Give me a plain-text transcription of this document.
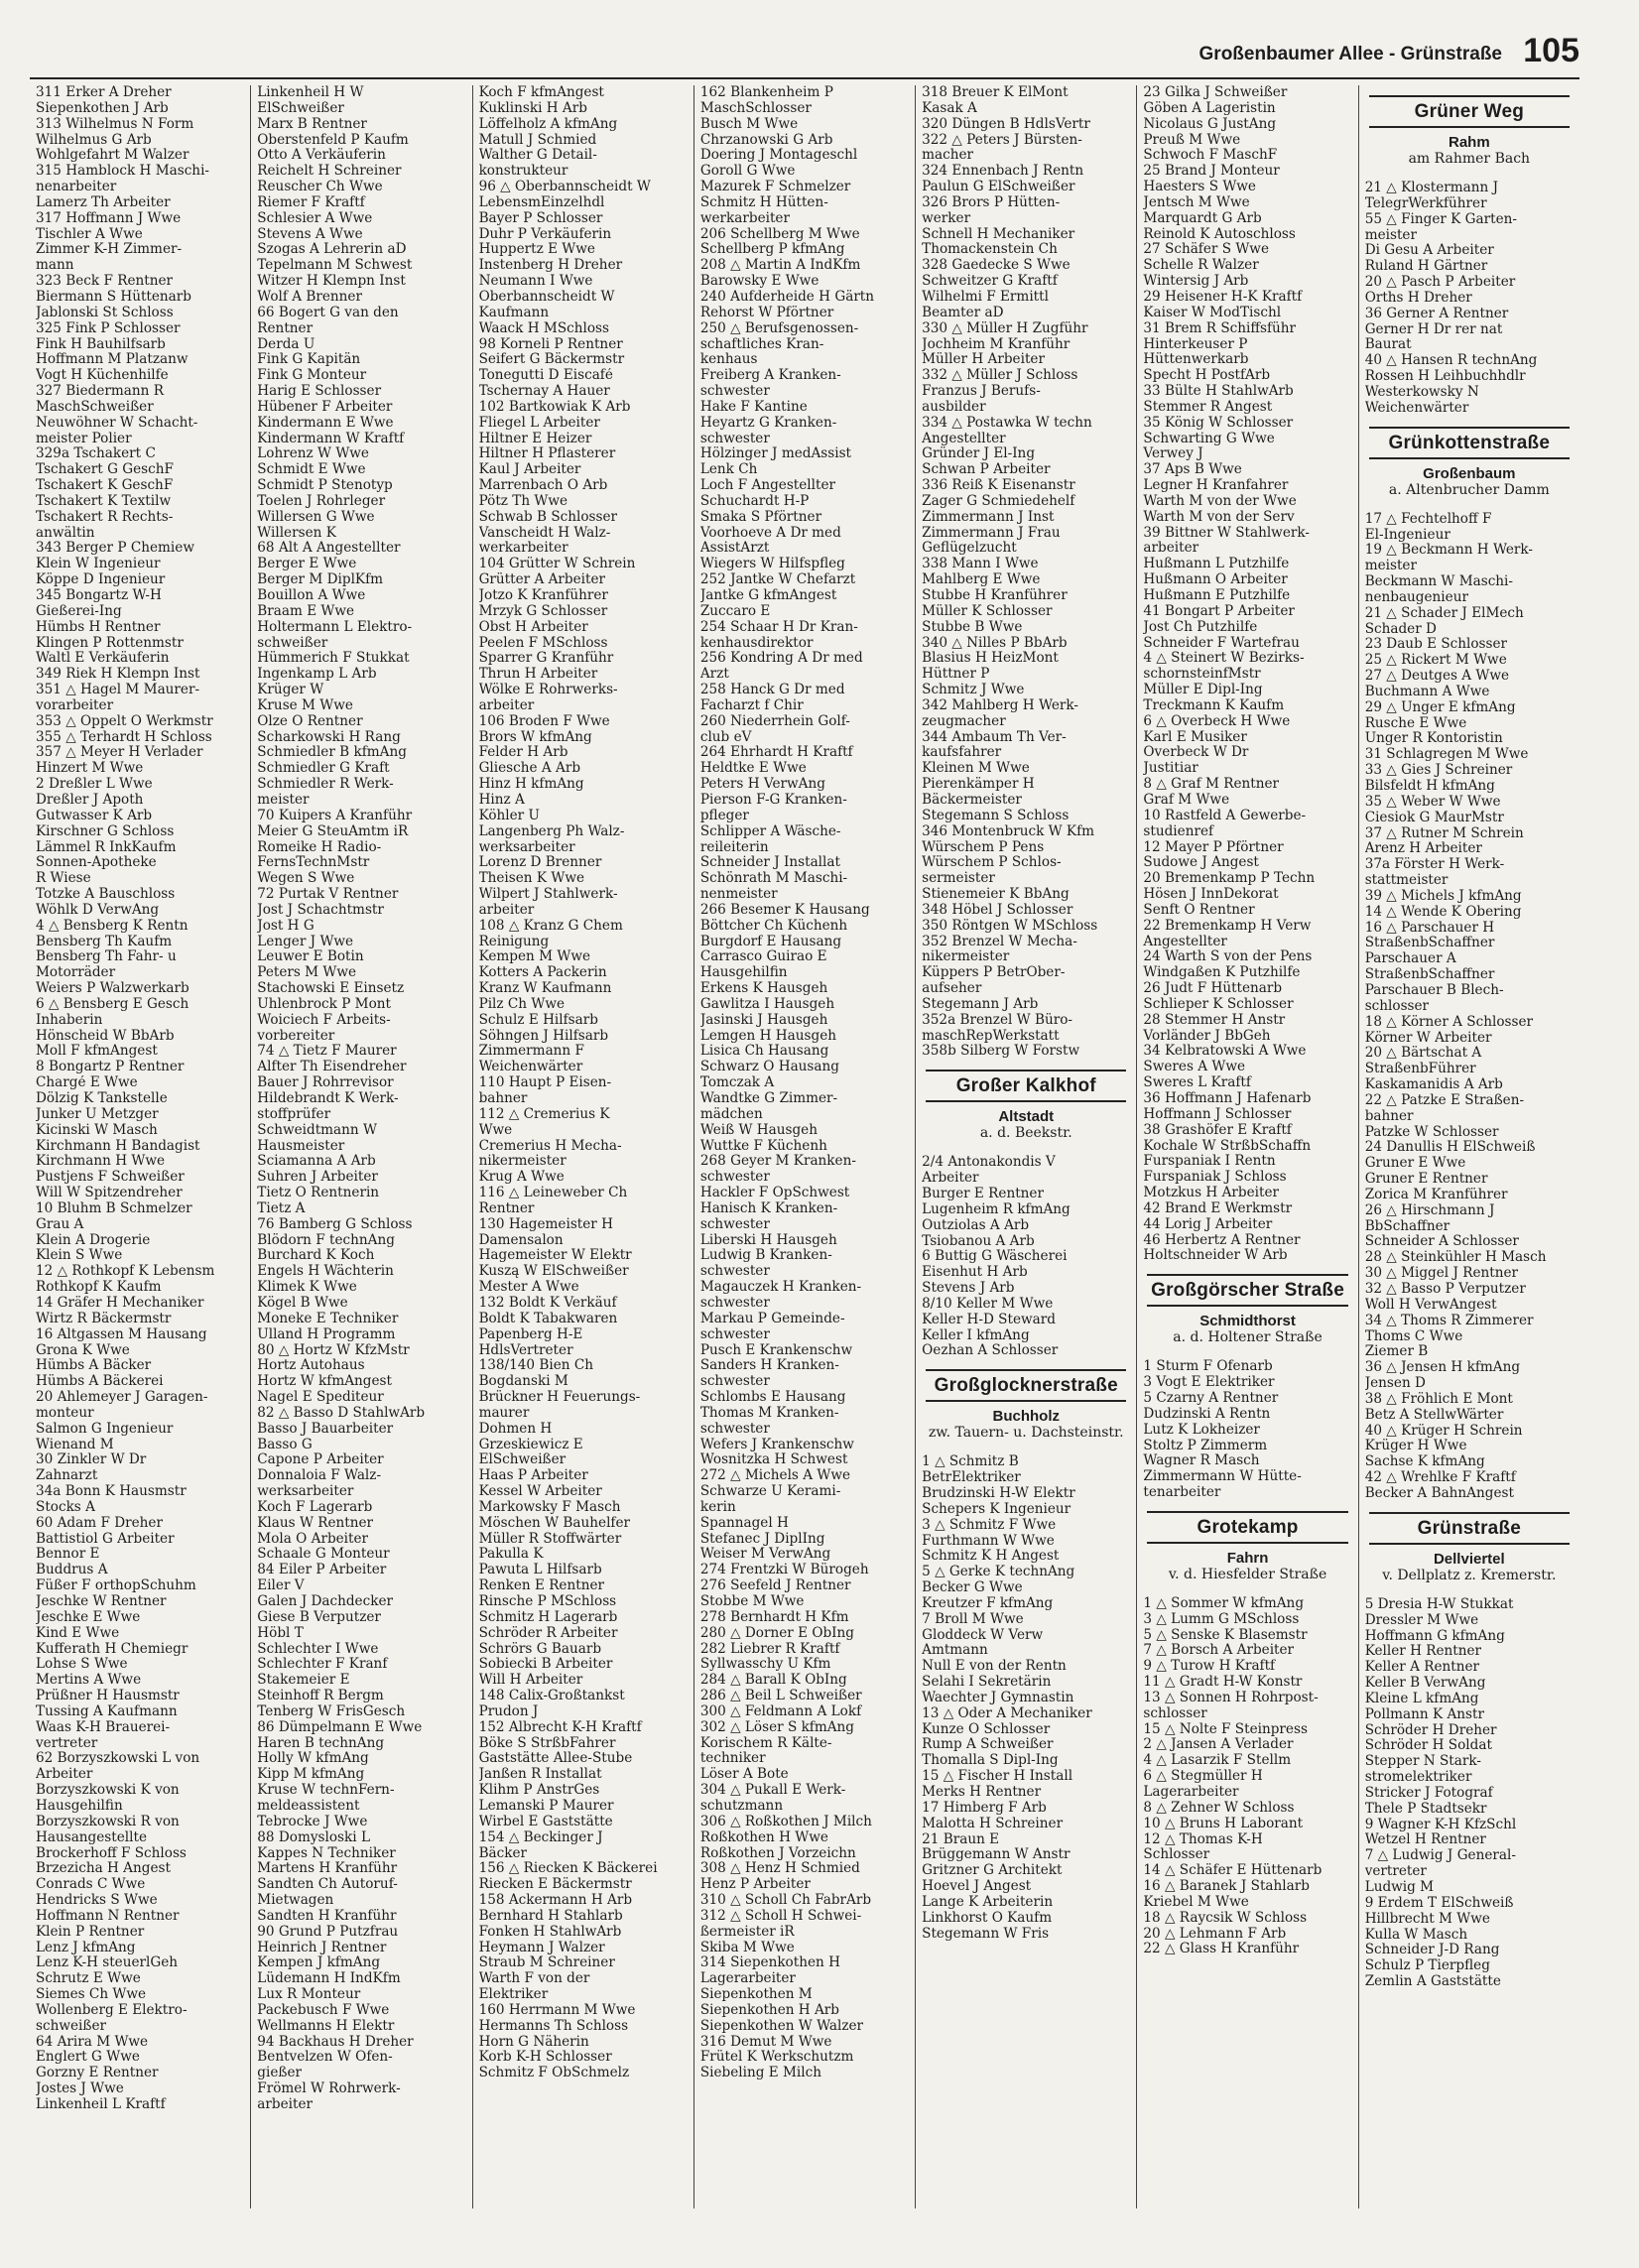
Großenbaumer Allee - Grünstraße 105
311 Erker A Dreher
Siepenkothen J Arb
313 Wilhelmus N Form
Wilhelmus G Arb
Wohlgefahrt M Walzer
315 Hamblock H Maschi-
nenarbeiter
Lamerz Th Arbeiter
317 Hoffmann J Wwe
Tischler A Wwe
Zimmer K-H Zimmer-
mann
323 Beck F Rentner
Biermann S Hüttenarb
Jablonski St Schloss
325 Fink P Schlosser
Fink H Bauhilfsarb
Hoffmann M Platzanw
Vogt H Küchenhilfe
327 Biedermann R
MaschSchweißer
Neuwöhner W Schacht-
meister Polier
329a Tschakert C
Tschakert G GeschF
Tschakert K GeschF
Tschakert K Textilw
Tschakert R Rechts-
anwältin
343 Berger P Chemiew
Klein W Ingenieur
Köppe D Ingenieur
345 Bongartz W-H
Gießerei-Ing
Hümbs H Rentner
Klingen P Rottenmstr
Waltl E Verkäuferin
349 Riek H Klempn Inst
351 △ Hagel M Maurer-
vorarbeiter
353 △ Oppelt O Werkmstr
355 △ Terhardt H Schloss
357 △ Meyer H Verlader
Hinzert M Wwe
2 Dreßler L Wwe
Dreßler J Apoth
Gutwasser K Arb
Kirschner G Schloss
Lämmel R InkKaufm
Sonnen-Apotheke
R Wiese
Totzke A Bauschloss
Wöhlk D VerwAng
4 △ Bensberg K Rentn
Bensberg Th Kaufm
Bensberg Th Fahr- u
Motorräder
Weiers P Walzwerkarb
6 △ Bensberg E Gesch
Inhaberin
Hönscheid W BbArb
Moll F kfmAngest
8 Bongartz P Rentner
Chargé E Wwe
Dölzig K Tankstelle
Junker U Metzger
Kicinski W Masch
Kirchmann H Bandagist
Kirchmann H Wwe
Pustjens F Schweißer
Will W Spitzendreher
10 Bluhm B Schmelzer
Grau A
Klein A Drogerie
Klein S Wwe
12 △ Rothkopf K Lebensm
Rothkopf K Kaufm
14 Gräfer H Mechaniker
Wirtz R Bäckermstr
16 Altgassen M Hausang
Grona K Wwe
Hümbs A Bäcker
Hümbs A Bäckerei
20 Ahlemeyer J Garagen-
monteur
Salmon G Ingenieur
Wienand M
30 Zinkler W Dr
Zahnarzt
34a Bonn K Hausmstr
Stocks A
60 Adam F Dreher
Battistiol G Arbeiter
Bennor E
Buddrus A
Füßer F orthopSchuhm
Jeschke W Rentner
Jeschke E Wwe
Kind E Wwe
Kufferath H Chemiegr
Lohse S Wwe
Mertins A Wwe
Prüßner H Hausmstr
Tussing A Kaufmann
Waas K-H Brauerei-
vertreter
62 Borzyszkowski L von
Arbeiter
Borzyszkowski K von
Hausgehilfin
Borzyszkowski R von
Hausangestellte
Brockerhoff F Schloss
Brzezicha H Angest
Conrads C Wwe
Hendricks S Wwe
Hoffmann N Rentner
Klein P Rentner
Lenz J kfmAng
Lenz K-H steuerlGeh
Schrutz E Wwe
Siemes Ch Wwe
Wollenberg E Elektro-
schweißer
64 Arira M Wwe
Englert G Wwe
Gorzny E Rentner
Jostes J Wwe
Linkenheil L Kraftf
Linkenheil H W
ElSchweißer
Marx B Rentner
Oberstenfeld P Kaufm
Otto A Verkäuferin
Reichelt H Schreiner
Reuscher Ch Wwe
Riemer F Kraftf
Schlesier A Wwe
Stevens A Wwe
Szogas A Lehrerin aD
Tepelmann M Schwest
Witzer H Klempn Inst
Wolf A Brenner
66 Bogert G van den
Rentner
Derda U
Fink G Kapitän
Fink G Monteur
Harig E Schlosser
Hübener F Arbeiter
Kindermann E Wwe
Kindermann W Kraftf
Lohrenz W Wwe
Schmidt E Wwe
Schmidt P Stenotyp
Toelen J Rohrleger
Willersen G Wwe
Willersen K
68 Alt A Angestellter
Berger E Wwe
Berger M DiplKfm
Bouillon A Wwe
Braam E Wwe
Holtermann L Elektro-
schweißer
Hümmerich F Stukkat
Ingenkamp L Arb
Krüger W
Kruse M Wwe
Olze O Rentner
Scharkowski H Rang
Schmiedler B kfmAng
Schmiedler G Kraft
Schmiedler R Werk-
meister
70 Kuipers A Kranführ
Meier G SteuAmtm iR
Romeike H Radio-
FernsTechnMstr
Wegen S Wwe
72 Purtak V Rentner
Jost J Schachtmstr
Jost H G
Lenger J Wwe
Leuwer E Botin
Peters M Wwe
Stachowski E Einsetz
Uhlenbrock P Mont
Woiciech F Arbeits-
vorbereiter
74 △ Tietz F Maurer
Alfter Th Eisendreher
Bauer J Rohrrevisor
Hildebrandt K Werk-
stoffprüfer
Schweidtmann W
Hausmeister
Sciamanna A Arb
Suhren J Arbeiter
Tietz O Rentnerin
Tietz A
76 Bamberg G Schloss
Blödorn F technAng
Burchard K Koch
Engels H Wächterin
Klimek K Wwe
Kögel B Wwe
Moneke E Techniker
Ulland H Programm
80 △ Hortz W KfzMstr
Hortz Autohaus
Hortz W kfmAngest
Nagel E Spediteur
82 △ Basso D StahlwArb
Basso J Bauarbeiter
Basso G
Capone P Arbeiter
Donnaloia F Walz-
werksarbeiter
Koch F Lagerarb
Klaus W Rentner
Mola O Arbeiter
Schaale G Monteur
84 Eiler P Arbeiter
Eiler V
Galen J Dachdecker
Giese B Verputzer
Höbl T
Schlechter I Wwe
Schlechter F Kranf
Stakemeier E
Steinhoff R Bergm
Tenberg W FrisGesch
86 Dümpelmann E Wwe
Haren B technAng
Holly W kfmAng
Kipp M kfmAng
Kruse W technFern-
meldeassistent
Tebrocke J Wwe
88 Domysloski L
Kappes N Techniker
Martens H Kranführ
Sandten Ch Autoruf-
Mietwagen
Sandten H Kranführ
90 Grund P Putzfrau
Heinrich J Rentner
Kempen J kfmAng
Lüdemann H IndKfm
Lux R Monteur
Packebusch F Wwe
Wellmanns H Elektr
94 Backhaus H Dreher
Bentvelzen W Ofen-
gießer
Frömel W Rohrwerk-
arbeiter
Koch F kfmAngest
Kuklinski H Arb
Löffelholz A kfmAng
Matull J Schmied
Walther G Detail-
konstrukteur
96 △ Oberbannscheidt W
LebensmEinzelhdl
Bayer P Schlosser
Duhr P Verkäuferin
Huppertz E Wwe
Instenberg H Dreher
Neumann I Wwe
Oberbannscheidt W
Kaufmann
Waack H MSchloss
98 Korneli P Rentner
Seifert G Bäckermstr
Tonegutti D Eiscafé
Tschernay A Hauer
102 Bartkowiak K Arb
Fliegel L Arbeiter
Hiltner E Heizer
Hiltner H Pflasterer
Kaul J Arbeiter
Marrenbach O Arb
Pötz Th Wwe
Schwab B Schlosser
Vanscheidt H Walz-
werkarbeiter
104 Grütter W Schrein
Grütter A Arbeiter
Jotzo K Kranführer
Mrzyk G Schlosser
Obst H Arbeiter
Peelen F MSchloss
Sparrer G Kranführ
Thrun H Arbeiter
Wölke E Rohrwerks-
arbeiter
106 Broden F Wwe
Brors W kfmAng
Felder H Arb
Gliesche A Arb
Hinz H kfmAng
Hinz A
Köhler U
Langenberg Ph Walz-
werksarbeiter
Lorenz D Brenner
Theisen K Wwe
Wilpert J Stahlwerk-
arbeiter
108 △ Kranz G Chem
Reinigung
Kempen M Wwe
Kotters A Packerin
Kranz W Kaufmann
Pilz Ch Wwe
Schulz E Hilfsarb
Söhngen J Hilfsarb
Zimmermann F
Weichenwärter
110 Haupt P Eisen-
bahner
112 △ Cremerius K
Wwe
Cremerius H Mecha-
nikermeister
Krug A Wwe
116 △ Leineweber Ch
Rentner
130 Hagemeister H
Damensalon
Hagemeister W Elektr
Kuszą W ElSchweißer
Mester A Wwe
132 Boldt K Verkäuf
Boldt K Tabakwaren
Papenberg H-E
HdlsVertreter
138/140 Bien Ch
Bogdanski M
Brückner H Feuerungs-
maurer
Dohmen H
Grzeskiewicz E
ElSchweißer
Haas P Arbeiter
Kessel W Arbeiter
Markowsky F Masch
Möschen W Bauhelfer
Müller R Stoffwärter
Pakulla K
Pawuta L Hilfsarb
Renken E Rentner
Rinsche P MSchloss
Schmitz H Lagerarb
Schröder R Arbeiter
Schrörs G Bauarb
Sobiecki B Arbeiter
Will H Arbeiter
148 Calix-Großtankst
Prudon J
152 Albrecht K-H Kraftf
Böke S StrßbFahrer
Gaststätte Allee-Stube
Janßen R Installat
Klihm P AnstrGes
Lemanski P Maurer
Wirbel E Gaststätte
154 △ Beckinger J
Bäcker
156 △ Riecken K Bäckerei
Riecken E Bäckermstr
158 Ackermann H Arb
Bernhard H Stahlarb
Fonken H StahlwArb
Heymann J Walzer
Straub M Schreiner
Warth F von der
Elektriker
160 Herrmann M Wwe
Hermanns Th Schloss
Horn G Näherin
Korb K-H Schlosser
Schmitz F ObSchmelz
162 Blankenheim P
MaschSchlosser
Busch M Wwe
Chrzanowski G Arb
Doering J Montageschl
Goroll G Wwe
Mazurek F Schmelzer
Schmitz H Hütten-
werkarbeiter
206 Schellberg M Wwe
Schellberg P kfmAng
208 △ Martin A IndKfm
Barowsky E Wwe
240 Aufderheide H Gärtn
Rehorst W Pförtner
250 △ Berufsgenossen-
schaftliches Kran-
kenhaus
Freiberg A Kranken-
schwester
Hake F Kantine
Heyartz G Kranken-
schwester
Hölzinger J medAssist
Lenk Ch
Loch F Angestellter
Schuchardt H-P
Smaka S Pförtner
Voorhoeve A Dr med
AssistArzt
Wiegers W Hilfspfleg
252 Jantke W Chefarzt
Jantke G kfmAngest
Zuccaro E
254 Schaar H Dr Kran-
kenhausdirektor
256 Kondring A Dr med
Arzt
258 Hanck G Dr med
Facharzt f Chir
260 Niederrhein Golf-
club eV
264 Ehrhardt H Kraftf
Heldtke E Wwe
Peters H VerwAng
Pierson F-G Kranken-
pfleger
Schlipper A Wäsche-
reileiterin
Schneider J Installat
Schönrath M Maschi-
nenmeister
266 Besemer K Hausang
Böttcher Ch Küchenh
Burgdorf E Hausang
Carrasco Guirao E
Hausgehilfin
Erkens K Hausgeh
Gawlitza I Hausgeh
Jasinski J Hausgeh
Lemgen H Hausgeh
Lisica Ch Hausang
Schwarz O Hausang
Tomczak A
Wandtke G Zimmer-
mädchen
Weiß W Hausgeh
Wuttke F Küchenh
268 Geyer M Kranken-
schwester
Hackler F OpSchwest
Hanisch K Kranken-
schwester
Liberski H Hausgeh
Ludwig B Kranken-
schwester
Magauczek H Kranken-
schwester
Markau P Gemeinde-
schwester
Pusch E Krankenschw
Sanders H Kranken-
schwester
Schlombs E Hausang
Thomas M Kranken-
schwester
Wefers J Krankenschw
Wosnitzka H Schwest
272 △ Michels A Wwe
Schwarze U Kerami-
kerin
Spannagel H
Stefanec J DiplIng
Weiser M VerwAng
274 Frentzki W Bürogeh
276 Seefeld J Rentner
Stobbe M Wwe
278 Bernhardt H Kfm
280 △ Dorner E ObIng
282 Liebrer R Kraftf
Syllwasschy U Kfm
284 △ Barall K ObIng
286 △ Beil L Schweißer
300 △ Feldmann A Lokf
302 △ Löser S kfmAng
Korischem R Kälte-
techniker
Löser A Bote
304 △ Pukall E Werk-
schutzmann
306 △ Roßkothen J Milch
Roßkothen H Wwe
Roßkothen J Vorzeichn
308 △ Henz H Schmied
Henz P Arbeiter
310 △ Scholl Ch FabrArb
312 △ Scholl H Schwei-
ßermeister iR
Skiba M Wwe
314 Siepenkothen H
Lagerarbeiter
Siepenkothen M
Siepenkothen H Arb
Siepenkothen W Walzer
316 Demut M Wwe
Frütel K Werkschutzm
Siebeling E Milch
318 Breuer K ElMont
Kasak A
320 Düngen B HdlsVertr
322 △ Peters J Bürsten-
macher
324 Ennenbach J Rentn
Paulun G ElSchweißer
326 Brors P Hütten-
werker
Schnell H Mechaniker
Thomackenstein Ch
328 Gaedecke S Wwe
Schweitzer G Kraftf
Wilhelmi F Ermittl
Beamter aD
330 △ Müller H Zugführ
Jochheim M Kranführ
Müller H Arbeiter
332 △ Müller J Schloss
Franzus J Berufs-
ausbilder
334 △ Postawka W techn
Angestellter
Gründer J El-Ing
Schwan P Arbeiter
336 Reiß K Eisenanstr
Zager G Schmiedehelf
Zimmermann J Inst
Zimmermann J Frau
Geflügelzucht
338 Mann I Wwe
Mahlberg E Wwe
Stubbe H Kranführer
Müller K Schlosser
Stubbe B Wwe
340 △ Nilles P BbArb
Blasius H HeizMont
Hüttner P
Schmitz J Wwe
342 Mahlberg H Werk-
zeugmacher
344 Ambaum Th Ver-
kaufsfahrer
Kleinen M Wwe
Pierenkämper H
Bäckermeister
Stegemann S Schloss
346 Montenbruck W Kfm
Würschem P Pens
Würschem P Schlos-
sermeister
Stienemeier K BbAng
348 Höbel J Schlosser
350 Röntgen W MSchloss
352 Brenzel W Mecha-
nikermeister
Küppers P BetrOber-
aufseher
Stegemann J Arb
352a Brenzel W Büro-
maschRepWerkstatt
358b Silberg W Forstw
Großer Kalkhof
Altstadt
a. d. Beekstr.
2/4 Antonakondis V
Arbeiter
Burger E Rentner
Lugenheim R kfmAng
Outziolas A Arb
Tsiobanou A Arb
6 Buttig G Wäscherei
Eisenhut H Arb
Stevens J Arb
8/10 Keller M Wwe
Keller H-D Steward
Keller I kfmAng
Oezhan A Schlosser
Großglocknerstraße
Buchholz
zw. Tauern- u. Dachsteinstr.
1 △ Schmitz B
BetrElektriker
Brudzinski H-W Elektr
Schepers K Ingenieur
3 △ Schmitz F Wwe
Furthmann W Wwe
Schmitz K H Angest
5 △ Gerke K technAng
Becker G Wwe
Kreutzer F kfmAng
7 Broll M Wwe
Gloddeck W Verw
Amtmann
Null E von der Rentn
Selahi I Sekretärin
Waechter J Gymnastin
13 △ Oder A Mechaniker
Kunze O Schlosser
Rump A Schweißer
Thomalla S Dipl-Ing
15 △ Fischer H Install
Merks H Rentner
17 Himberg F Arb
Malotta H Schreiner
21 Braun E
Brüggemann W Anstr
Gritzner G Architekt
Hoevel J Angest
Lange K Arbeiterin
Linkhorst O Kaufm
Stegemann W Fris
23 Gilka J Schweißer
Göben A Lageristin
Nicolaus G JustAng
Preuß M Wwe
Schwoch F MaschF
25 Brand J Monteur
Haesters S Wwe
Jentsch M Wwe
Marquardt G Arb
Reinold K Autoschloss
27 Schäfer S Wwe
Schelle R Walzer
Wintersig J Arb
29 Heisener H-K Kraftf
Kaiser W ModTischl
31 Brem R Schiffsführ
Hinterkeuser P
Hüttenwerkarb
Specht H PostfArb
33 Bülte H StahlwArb
Stemmer R Angest
35 König W Schlosser
Schwarting G Wwe
Verwey J
37 Aps B Wwe
Legner H Kranfahrer
Warth M von der Wwe
Warth M von der Serv
39 Bittner W Stahlwerk-
arbeiter
Hußmann L Putzhilfe
Hußmann O Arbeiter
Hußmann E Putzhilfe
41 Bongart P Arbeiter
Jost Ch Putzhilfe
Schneider F Wartefrau
4 △ Steinert W Bezirks-
schornsteinfMstr
Müller E Dipl-Ing
Treckmann K Kaufm
6 △ Overbeck H Wwe
Karl E Musiker
Overbeck W Dr
Justitiar
8 △ Graf M Rentner
Graf M Wwe
10 Rastfeld A Gewerbe-
studienref
12 Mayer P Pförtner
Sudowe J Angest
20 Bremenkamp P Techn
Hösen J InnDekorat
Senft O Rentner
22 Bremenkamp H Verw
Angestellter
24 Warth S von der Pens
Windgaßen K Putzhilfe
26 Judt F Hüttenarb
Schlieper K Schlosser
28 Stemmer H Anstr
Vorländer J BbGeh
34 Kelbratowski A Wwe
Sweres A Wwe
Sweres L Kraftf
36 Hoffmann J Hafenarb
Hoffmann J Schlosser
38 Grashöfer E Kraftf
Kochale W StrßbSchaffn
Furspaniak I Rentn
Furspaniak J Schloss
Motzkus H Arbeiter
42 Brand E Werkmstr
44 Lorig J Arbeiter
46 Herbertz A Rentner
Holtschneider W Arb
Großgörscher Straße
Schmidthorst
a. d. Holtener Straße
1 Sturm F Ofenarb
3 Vogt E Elektriker
5 Czarny A Rentner
Dudzinski A Rentn
Lutz K Lokheizer
Stoltz P Zimmerm
Wagner R Masch
Zimmermann W Hütte-
tenarbeiter
Grotekamp
Fahrn
v. d. Hiesfelder Straße
1 △ Sommer W kfmAng
3 △ Lumm G MSchloss
5 △ Senske K Blasemstr
7 △ Borsch A Arbeiter
9 △ Turow H Kraftf
11 △ Gradt H-W Konstr
13 △ Sonnen H Rohrpost-
schlosser
15 △ Nolte F Steinpress
2 △ Jansen A Verlader
4 △ Lasarzik F Stellm
6 △ Stegmüller H
Lagerarbeiter
8 △ Zehner W Schloss
10 △ Bruns H Laborant
12 △ Thomas K-H
Schlosser
14 △ Schäfer E Hüttenarb
16 △ Baranek J Stahlarb
Kriebel M Wwe
18 △ Raycsik W Schloss
20 △ Lehmann F Arb
22 △ Glass H Kranführ
Grüner Weg
Rahm
am Rahmer Bach
21 △ Klostermann J
TelegrWerkführer
55 △ Finger K Garten-
meister
Di Gesu A Arbeiter
Ruland H Gärtner
20 △ Pasch P Arbeiter
Orths H Dreher
36 Gerner A Rentner
Gerner H Dr rer nat
Baurat
40 △ Hansen R technAng
Rossen H Leihbuchhdlr
Westerkowsky N
Weichenwärter
Grünkottenstraße
Großenbaum
a. Altenbrucher Damm
17 △ Fechtelhoff F
El-Ingenieur
19 △ Beckmann H Werk-
meister
Beckmann W Maschi-
nenbaugenieur
21 △ Schader J ElMech
Schader D
23 Daub E Schlosser
25 △ Rickert M Wwe
27 △ Deutges A Wwe
Buchmann A Wwe
29 △ Unger E kfmAng
Rusche E Wwe
Unger R Kontoristin
31 Schlagregen M Wwe
33 △ Gies J Schreiner
Bilsfeldt H kfmAng
35 △ Weber W Wwe
Ciesiok G MaurMstr
37 △ Rutner M Schrein
Arenz H Arbeiter
37a Förster H Werk-
stattmeister
39 △ Michels J kfmAng
14 △ Wende K Obering
16 △ Parschauer H
StraßenbSchaffner
Parschauer A
StraßenbSchaffner
Parschauer B Blech-
schlosser
18 △ Körner A Schlosser
Körner W Arbeiter
20 △ Bärtschat A
StraßenbFührer
Kaskamanidis A Arb
22 △ Patzke E Straßen-
bahner
Patzke W Schlosser
24 Danullis H ElSchweiß
Gruner E Wwe
Gruner E Rentner
Zorica M Kranführer
26 △ Hirschmann J
BbSchaffner
Schneider A Schlosser
28 △ Steinkühler H Masch
30 △ Miggel J Rentner
32 △ Basso P Verputzer
Woll H VerwAngest
34 △ Thoms R Zimmerer
Thoms C Wwe
Ziemer B
36 △ Jensen H kfmAng
Jensen D
38 △ Fröhlich E Mont
Betz A StellwWärter
40 △ Krüger H Schrein
Krüger H Wwe
Sachse K kfmAng
42 △ Wrehlke F Kraftf
Becker A BahnAngest
Grünstraße
Dellviertel
v. Dellplatz z. Kremerstr.
5 Dresia H-W Stukkat
Dressler M Wwe
Hoffmann G kfmAng
Keller H Rentner
Keller A Rentner
Keller B VerwAng
Kleine L kfmAng
Pollmann K Anstr
Schröder H Dreher
Schröder H Soldat
Stepper N Stark-
stromelektriker
Stricker J Fotograf
Thele P Stadtsekr
9 Wagner K-H KfzSchl
Wetzel H Rentner
7 △ Ludwig J General-
vertreter
Ludwig M
9 Erdem T ElSchweiß
Hillbrecht M Wwe
Kulla W Masch
Schneider J-D Rang
Schulz P Tierpfleg
Zemlin A Gaststätte
